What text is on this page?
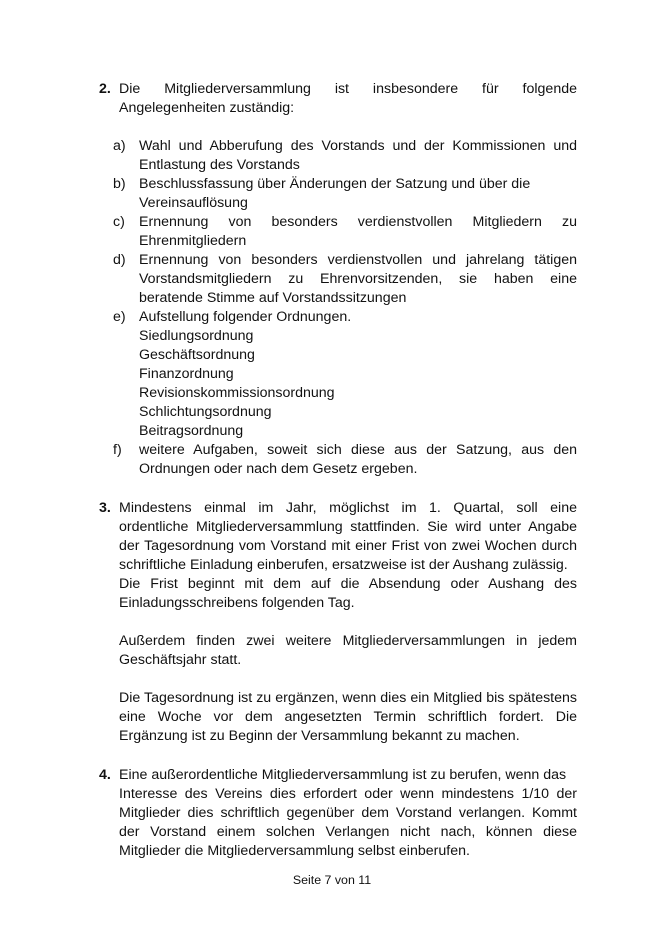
2. Die Mitgliederversammlung ist insbesondere für folgende
Angelegenheiten zuständig:
a) Wahl und Abberufung des Vorstands und der Kommissionen und
Entlastung des Vorstands
b) Beschlussfassung über Änderungen der Satzung und über die
Vereinsauflösung
c) Ernennung von besonders verdienstvollen Mitgliedern zu
Ehrenmitgliedern
d) Ernennung von besonders verdienstvollen und jahrelang tätigen
Vorstandsmitgliedern zu Ehrenvorsitzenden, sie haben eine
beratende Stimme auf Vorstandssitzungen
e) Aufstellung folgender Ordnungen.
Siedlungsordnung
Geschäftsordnung
Finanzordnung
Revisionskommissionsordnung
Schlichtungsordnung
Beitragsordnung
f) weitere Aufgaben, soweit sich diese aus der Satzung, aus den
Ordnungen oder nach dem Gesetz ergeben.
3. Mindestens einmal im Jahr, möglichst im 1. Quartal, soll eine
ordentliche Mitgliederversammlung stattfinden. Sie wird unter Angabe
der Tagesordnung vom Vorstand mit einer Frist von zwei Wochen durch
schriftliche Einladung einberufen, ersatzweise ist der Aushang zulässig.
Die Frist beginnt mit dem auf die Absendung oder Aushang des
Einladungsschreibens folgenden Tag.
Außerdem finden zwei weitere Mitgliederversammlungen in jedem
Geschäftsjahr statt.
Die Tagesordnung ist zu ergänzen, wenn dies ein Mitglied bis spätestens
eine Woche vor dem angesetzten Termin schriftlich fordert. Die
Ergänzung ist zu Beginn der Versammlung bekannt zu machen.
4. Eine außerordentliche Mitgliederversammlung ist zu berufen, wenn das
Interesse des Vereins dies erfordert oder wenn mindestens 1/10 der
Mitglieder dies schriftlich gegenüber dem Vorstand verlangen. Kommt
der Vorstand einem solchen Verlangen nicht nach, können diese
Mitglieder die Mitgliederversammlung selbst einberufen.
Seite 7 von 11
